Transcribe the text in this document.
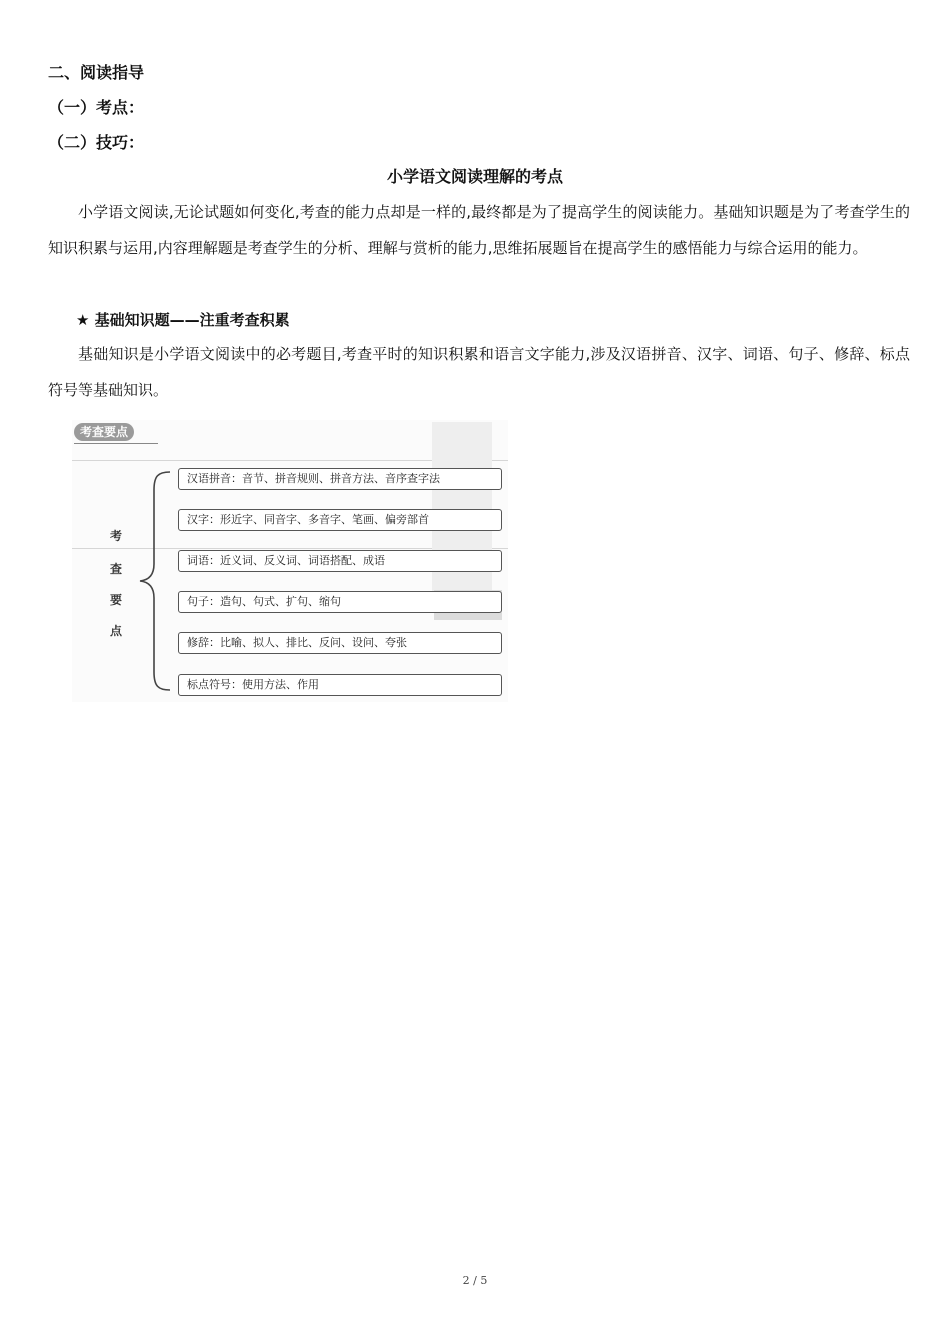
二、阅读指导
（一）考点：
（二）技巧：
小学语文阅读理解的考点
小学语文阅读,无论试题如何变化,考查的能力点却是一样的,最终都是为了提高学生的阅读能力。基础知识题是为了考查学生的知识积累与运用,内容理解题是考查学生的分析、理解与赏析的能力,思维拓展题旨在提高学生的感悟能力与综合运用的能力。
★ 基础知识题——注重考查积累
基础知识是小学语文阅读中的必考题目,考查平时的知识积累和语言文字能力,涉及汉语拼音、汉字、词语、句子、修辞、标点符号等基础知识。
考查要点
考
查
要
点
汉语拼音：音节、拼音规则、拼音方法、音序查字法
汉字：形近字、同音字、多音字、笔画、偏旁部首
词语：近义词、反义词、词语搭配、成语
句子：造句、句式、扩句、缩句
修辞：比喻、拟人、排比、反问、设问、夸张
标点符号：使用方法、作用
2 / 5
